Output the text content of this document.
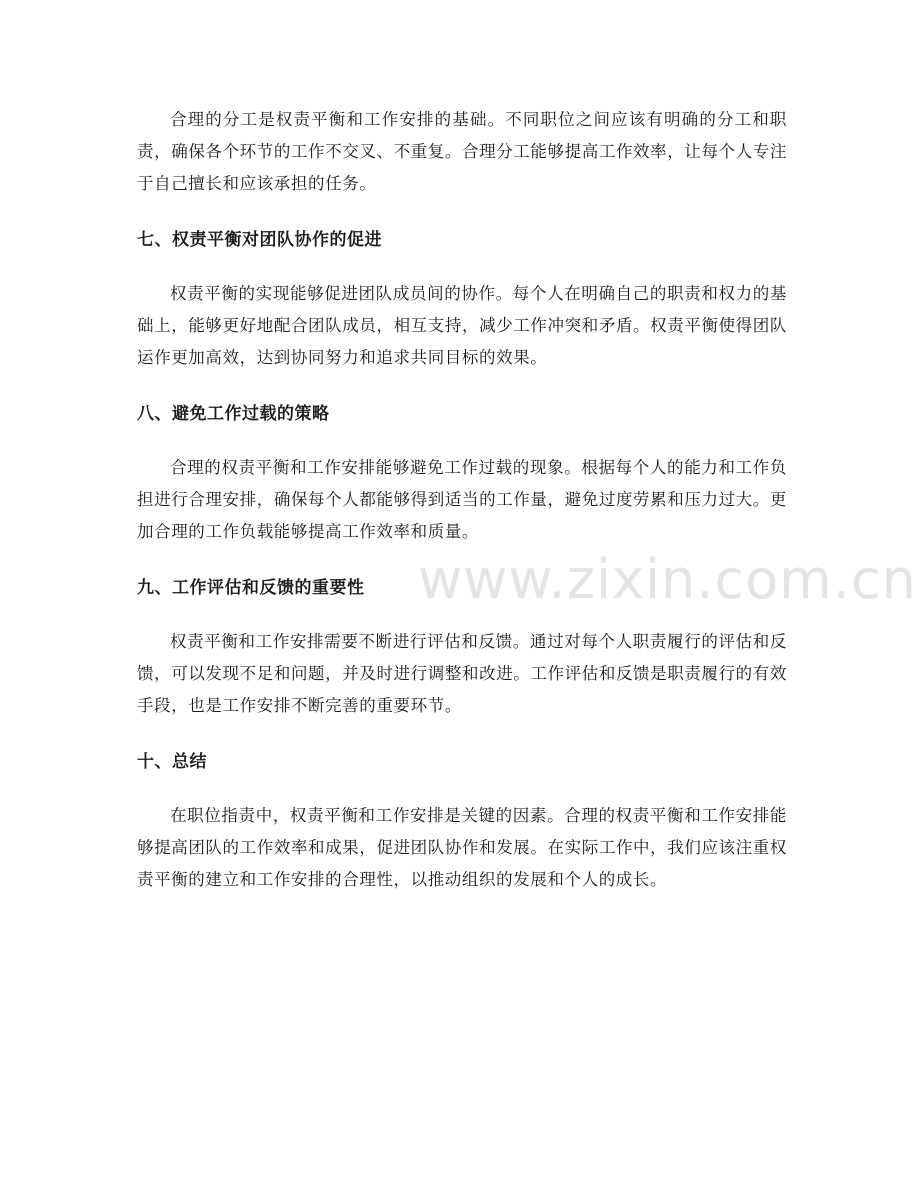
www.zixin.com.cn

合理的分工是权责平衡和工作安排的基础。不同职位之间应该有明确的分工和职责，确保各个环节的工作不交叉、不重复。合理分工能够提高工作效率，让每个人专注于自己擅长和应该承担的任务。

七、权责平衡对团队协作的促进

权责平衡的实现能够促进团队成员间的协作。每个人在明确自己的职责和权力的基础上，能够更好地配合团队成员，相互支持，减少工作冲突和矛盾。权责平衡使得团队运作更加高效，达到协同努力和追求共同目标的效果。

八、避免工作过载的策略

合理的权责平衡和工作安排能够避免工作过载的现象。根据每个人的能力和工作负担进行合理安排，确保每个人都能够得到适当的工作量，避免过度劳累和压力过大。更加合理的工作负载能够提高工作效率和质量。

九、工作评估和反馈的重要性

权责平衡和工作安排需要不断进行评估和反馈。通过对每个人职责履行的评估和反馈，可以发现不足和问题，并及时进行调整和改进。工作评估和反馈是职责履行的有效手段，也是工作安排不断完善的重要环节。

十、总结

在职位指责中，权责平衡和工作安排是关键的因素。合理的权责平衡和工作安排能够提高团队的工作效率和成果，促进团队协作和发展。在实际工作中，我们应该注重权责平衡的建立和工作安排的合理性，以推动组织的发展和个人的成长。
